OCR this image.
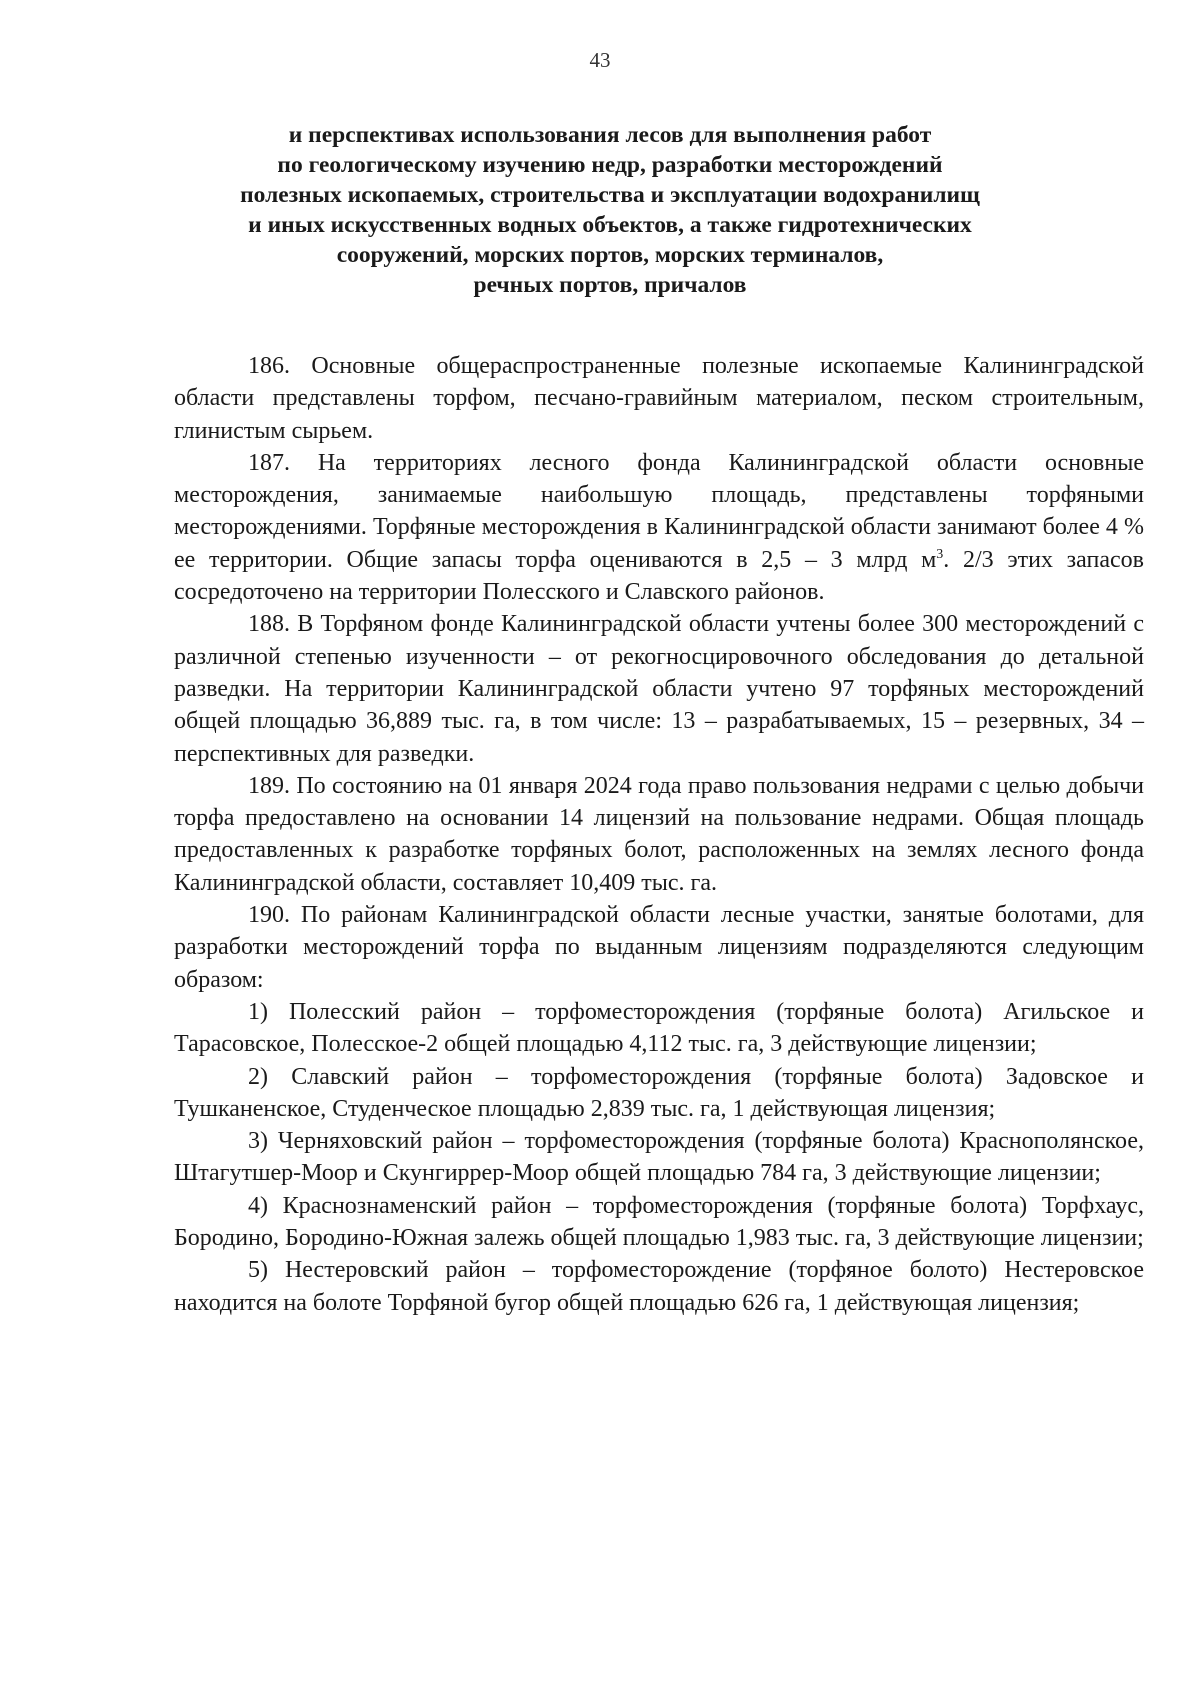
43
и перспективах использования лесов для выполнения работ
по геологическому изучению недр, разработки месторождений
полезных ископаемых, строительства и эксплуатации водохранилищ
и иных искусственных водных объектов, а также гидротехнических
сооружений, морских портов, морских терминалов,
речных портов, причалов

186. Основные общераспространенные полезные ископаемые Калининградской области представлены торфом, песчано-гравийным материалом, песком строительным, глинистым сырьем.

187. На территориях лесного фонда Калининградской области основные месторождения, занимаемые наибольшую площадь, представлены торфяными месторождениями. Торфяные месторождения в Калининградской области занимают более 4 % ее территории. Общие запасы торфа оцениваются в 2,5 – 3 млрд $м^3$. 2/3 этих запасов сосредоточено на территории Полесского и Славского районов.

188. В Торфяном фонде Калининградской области учтены более 300 месторождений с различной степенью изученности – от рекогносцировочного обследования до детальной разведки. На территории Калининградской области учтено 97 торфяных месторождений общей площадью 36,889 тыс. га, в том числе: 13 – разрабатываемых, 15 – резервных, 34 – перспективных для разведки.

189. По состоянию на 01 января 2024 года право пользования недрами с целью добычи торфа предоставлено на основании 14 лицензий на пользование недрами. Общая площадь предоставленных к разработке торфяных болот, расположенных на землях лесного фонда Калининградской области, составляет 10,409 тыс. га.

190. По районам Калининградской области лесные участки, занятые болотами, для разработки месторождений торфа по выданным лицензиям подразделяются следующим образом:

1) Полесский район – торфоместорождения (торфяные болота) Агильское и Тарасовское, Полесское-2 общей площадью 4,112 тыс. га, 3 действующие лицензии;

2) Славский район – торфоместорождения (торфяные болота) Задовское и Тушканенское, Студенческое площадью 2,839 тыс. га, 1 действующая лицензия;

3) Черняховский район – торфоместорождения (торфяные болота) Краснополянское, Штагутшер-Моор и Скунгиррер-Моор общей площадью 784 га, 3 действующие лицензии;

4) Краснознаменский район – торфоместорождения (торфяные болота) Торфхаус, Бородино, Бородино-Южная залежь общей площадью 1,983 тыс. га, 3 действующие лицензии;

5) Нестеровский район – торфоместорождение (торфяное болото) Нестеровское находится на болоте Торфяной бугор общей площадью 626 га, 1 действующая лицензия;
